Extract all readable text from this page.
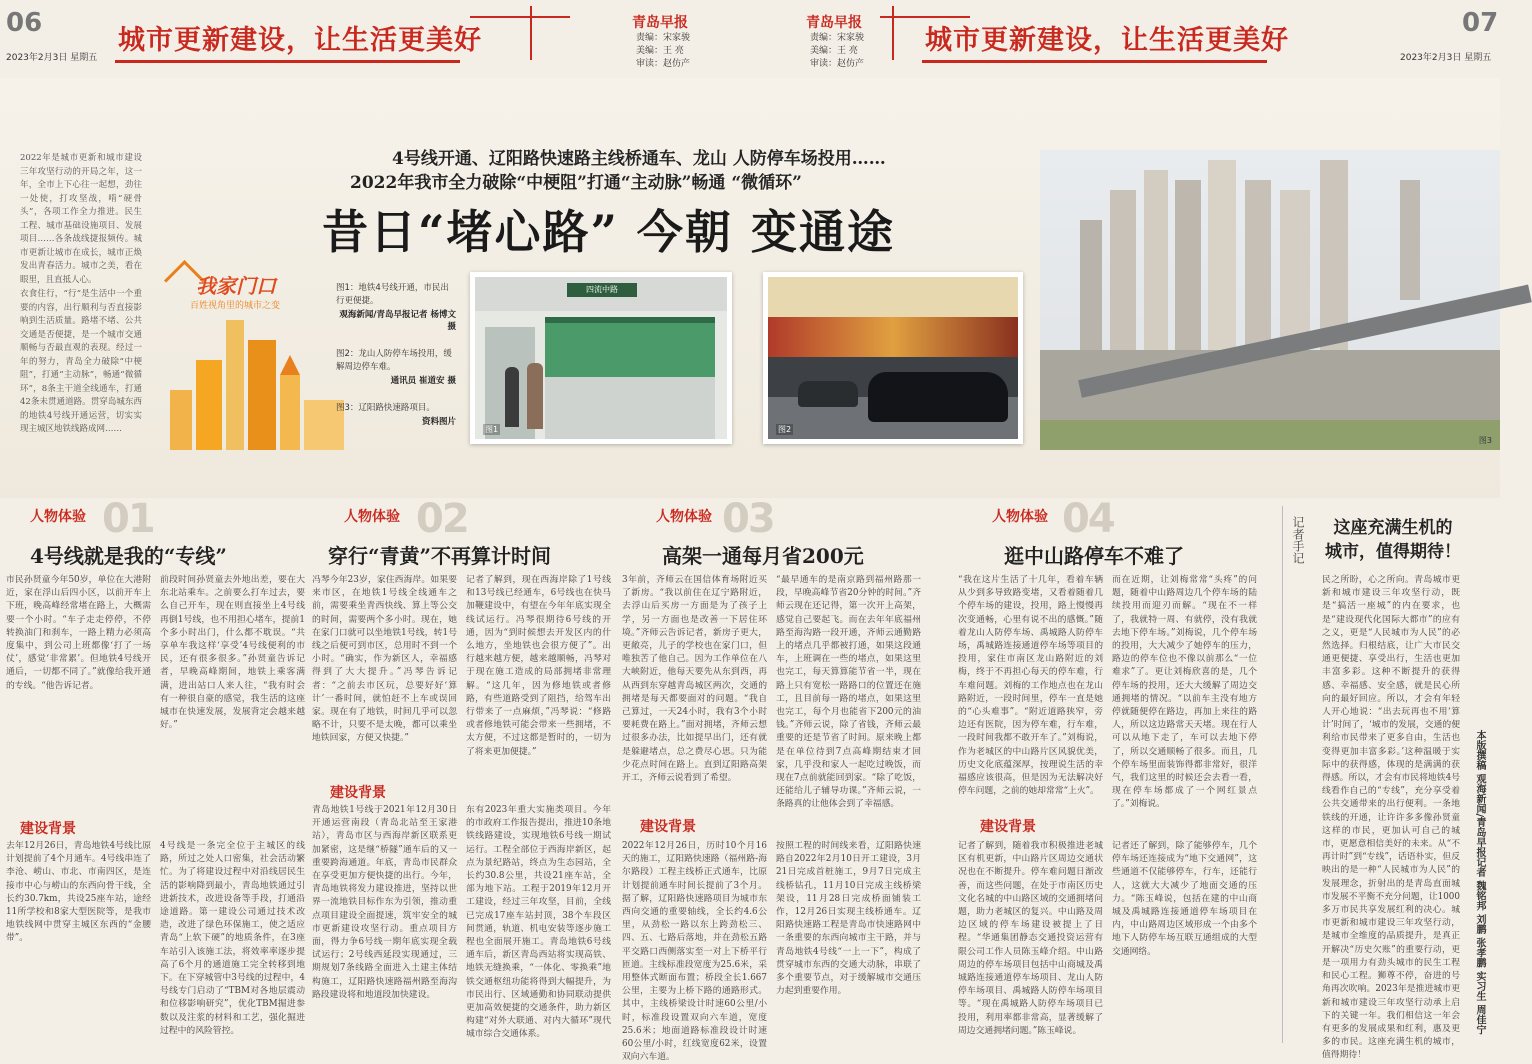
06
2023年2月3日 星期五
城市更新建设，让生活更美好
青岛早报
责编：宋家骏
美编：王 亮
审读：赵仿产
青岛早报
责编：宋家骏
美编：王 亮
审读：赵仿产
城市更新建设，让生活更美好
07
2023年2月3日 星期五
2022年是城市更新和城市建设三年攻坚行动的开局之年，这一年，全市上下心往一起想，劲往一处使，打攻坚战，啃“硬骨头”，各项工作全力推进。民生工程、城市基础设施项目、发展项目……各条战线捷报频传。城市更新让城市在成长，城市正焕发出青春活力。城市之美，看在眼里，且直抵人心。
衣食住行，“行”是生活中一个重要的内容，出行顺利与否直接影响到生活质量。路堵不堵、公共交通是否便捷，是一个城市交通顺畅与否最直观的表现。经过一年的努力，青岛全力破除“中梗阻”，打通“主动脉”，畅通“微循环”，8条主干道全线通车，打通42条未贯通道路。贯穿岛城东西的地铁4号线开通运营，切实实现主城区地铁线路成网……
我家门口
百姓视角里的城市之变
4号线开通、辽阳路快速路主线桥通车、龙山 人防停车场投用……
2022年我市全力破除“中梗阻”打通“主动脉”畅通 “微循环”
昔日“堵心路” 今朝 变通途
图1：地铁4号线开通，市民出行更便捷。
观海新闻/青岛早报记者 杨博文 摄
图2：龙山人防停车场投用，缓解周边停车难。
通讯员 崔道安 摄
图3：辽阳路快速路项目。
资料图片
四流中路
图1	图2
图3
人物体验 01
4号线就是我的“专线”
市民孙贤童今年50岁，单位在大港附近，家在浮山后四小区，以前开车上下班，晚高峰经常堵在路上，大概需要一个小时。“车子走走停停，不停转换油门和刹车，一路上精力必须高度集中，到公司上班都像‘打了一场仗’，感觉‘非常累’。但地铁4号线开通后，一切都不同了。”就像给我开通的专线。“他告诉记者。
前段时间孙贤童去外地出差，要在大东北站乘车。之前要么打车过去，要么自己开车，现在则直接坐上4号线再倒1号线，也不用担心堵车，提前1个多小时出门，什么都不耽误。“共享单车我这样‘享受’4号线便利的市民，还有很多很多。”孙贤童告诉记者，早晚高峰期间，地铁上乘客满满，进出站口人来人往，“我有时会有一种很自豪的感觉，我生活的这座城市在快速发展，发展背定会越来越好。”
建设背景
去年12月26日，青岛地铁4号线比原计划提前了4个月通车。4号线串连了李沧、崂山、市北、市南四区，是连接市中心与崂山的东西向骨干线，全长约30.7km，共设25座车站，途经11所学校和8家大型医院等，是我市地铁线网中贯穿主城区东西的“金腰带”。
4号线是一条完全位于主城区的线路，所过之处人口密集，社会活动繁忙。为了将建设过程中对沿线居民生活的影响降到最小，青岛地铁通过引进新技术，改进设备等手段，打通沿途道路。第一建设公司通过技术改造，改进了绿色环保施工，使之适应青岛“上软下硬”的地质条件，在3座车站引入该施工法，将效率率逐步提高了6个月的通道施工完全转移到地下。在下穿城管中3号线的过程中，4号线专门启动了“TBM对各地层震动和位移影响研究”，优化TBM掘进参数以及注浆的材料和工艺，强化掘进过程中的风险管控。
人物体验 02
穿行“青黄”不再算计时间
冯琴今年23岁，家住西海岸。如果要来市区，在地铁1号线全线通车之前，需要乘坐青西快线、算上等公交的时间，需要两个多小时。现在，她在家门口就可以坐地铁1号线，转1号线之后便可到市区，总用时不到一个小时。“确实，作为新区人，幸福感得到了大大提升。”冯琴告诉记者：“之前去市区玩，总要好好‘算计’一番时间，就怕赶不上车或误回家。现在有了地铁，时间几乎可以忽略不计，只要不是太晚，都可以乘坐地铁回家，方便又快捷。”
记者了解到，现在西海岸除了1号线和13号线已经通车，6号线也在快马加鞭建设中，有望在今年年底实现全线试运行。冯琴很期待6号线的开通，因为“到时候想去开发区内的什么地方，坐地铁也会很方便了”。出行越来越方便，越来越顺畅，冯琴对于现在施工造成的局部拥堵非常理解。“这几年，因为修地铁或者修路，有些道路受到了阻挡，给驾车出行带来了一点麻烦，”冯琴说：“修路或者修地铁可能会带来一些拥堵，不太方便，不过这都是暂时的，一切为了将来更加便捷。”
建设背景
青岛地铁1号线于2021年12月30日开通运营南段（青岛北站至王家港站），青岛市区与西海岸新区联系更加紧密，这是继“桥隧”通车后的又一重要跨海通道。年底，青岛市民群众在享受更加方便快捷的出行。今年，青岛地铁将发力建设推进，坚持以世界一流地铁目标作东为引领，推动重点项目建设全面提速，筑牢安全的城市更新建设攻坚行动。重点项目方面，得力争6号线一期年底实现全载试运行；2号线西延段实现通过，三期规划7条线路全面进入土建主体结构施工，辽阳路快速路福州路至海沟路段建设将和地道段加快建设。
东有2023年重大实施类项目。今年的市政府工作报告提出，推进10条地铁线路建设，实现地铁6号线一期试运行。工程全部位于西海岸新区，起点为景纪路站，终点为生态园站，全长约30.8公里，共设21座车站，全部为地下站。工程于2019年12月开工建设，经过三年攻坚，目前，全线已完成17座车站封顶，38个车段区间贯通，轨道、机电安装等逐步施工程也全面展开施工。青岛地铁6号线通车后，新区青岛西站将实现高铁、地铁无缝换乘，“一体化、零换乘”地铁交通枢纽功能将得到大幅提升，为市民出行、区域通勤和协同联动提供更加高效便捷的交通条件，助力新区构建“对外大联通、对内大循环”现代城市综合交通体系。
人物体验 03
高架一通每月省200元
3年前，齐师云在国信体育场附近买了新房。“我以前住在辽宁路附近，去浮山后买房一方面是为了孩子上学，另一方面也是改善一下居住环境。”齐师云告诉记者，新房子更大，更敞亮，儿子的学校也在家门口，但唯独苦了他自己。因为工作单位在八大峡附近，他每天要先从东到西，再从西到东穿越青岛城区两次，交通的拥堵是每天都要面对的问题。“我自己算过，一天24小时，我有3个小时要耗费在路上。”面对拥堵，齐师云想过很多办法，比如提早出门，还有就是躲避堵点，总之费尽心思。只为能少花点时间在路上。直到辽阳路高架开工，齐师云说看到了希望。
“最早通车的是南京路到福州路那一段，早晚高峰节省20分钟的时间。”齐师云现在还记得，第一次开上高架，感觉自己要起飞。而在去年年底福州路至海沟路一段开通，齐师云通勤路上的堵点几乎都被打通，如果这段通车，上班调在一些的堵点，如果这里也完工，每天算算能节省一半，现在路上只有宽松一路路口的位置还在施工，且目前每一路的堵点，如果这里也完工，每个月也能省下200元的油钱。”齐师云说，除了省钱，齐师云最重要的还是节省了时间。原来晚上都是在单位待到7点高峰期结束才回家，几乎没和家人一起吃过晚饭，而现在7点前就能回到家。“除了吃饭，还能给儿子辅导功课。”齐师云说，一条路真的让他体会到了幸福感。
建设背景
2022年12月26日，历时10个月16天的施工，辽阳路快速路（福州路-海尔路段）工程主线桥正式通车，比原计划提前通车时间长提前了3个月。据了解，辽阳路快速路项目为城市东西向交通的重要轴线，全长约4.6公里，从劲松一路以东上跨劲松三、四、五、七路后落地，并在劲松五路平交路口西侧落实至一对上下桥平行匝道。主线标准段宽度为25.6米，采用整体式断面布置；桥段全长1.667公里，主要为上桥下路的通路形式。其中，主线桥梁设计时速60公里/小时，标准段设置双向六车道，宽度25.6米；地面道路标准段设计时速60公里/小时，红线宽度62米，设置双向六车道。
按照工程的时间线来看，辽阳路快速路自2022年2月10日开工建设，3月21日完成首桩施工，9月7日完成主线桥钻孔，11月10日完成主线桥梁架设，11月28日完成桥面铺装工作，12月26日实现主线桥通车。辽阳路快速路工程是青岛市快速路网中一条重要的东西向城市主干路，并与青岛地铁4号线“一上一下”，构成了贯穿城市东西的交通大动脉，串联了多个重要节点，对于缓解城市交通压力起到重要作用。
人物体验 04
逛中山路停车不难了
“我在这片生活了十几年，看着车辆从少到多导致路变堵，又看着随着几个停车场的建设，投用，路上慢慢再次变通畅，心里有说不出的感慨。”随着龙山人防停车场、禹城路人防停车场，禹城路连接通道停车场等项目的投用，家住市南区龙山路附近的刘梅，终于不再担心每天的停车难，行车难问题。刘梅的工作地点也在龙山路附近，一段时间里，停车一直是她的“心头难事”。“附近道路狭窄，旁边还有医院，因为停车难，行车难，一段时间我都不敢开车了。”刘梅说，作为老城区的中山路片区风貌优美，历史文化底蕴深厚，按理说生活的幸福感应该很高，但是因为无法解决好停车问题，之前的她却常常“上火”。
而在近期，让刘梅常常“头疼”的问题，随着中山路周边几个停车场的陆续投用而迎刃而解。“现在不一样了，我就特一周、有就停，没有我就去地下停车场。”刘梅说，几个停车场的投用，大大减少了她停车的压力，路边的停车位也不像以前那么“一位难求”了。更让刘梅欣喜的是，几个停车场的投用，还大大缓解了周边交通拥堵的情况。“以前车主没有地方停就随便停在路边，再加上来往的路人，所以这边路常天天堵。现在行人可以从地下走了，车可以去地下停了，所以交通顺畅了很多。而且，几个停车场里面装饰得都非常好，很洋气，我们这里的时候还会去看一看，现在停车场都成了一个网红景点了。”刘梅说。
建设背景
记者了解到，随着我市积极推进老城区有机更新，中山路片区周边交通状况也在不断提升。停车难问题日渐改善，而这些问题，在处于市南区历史文化名城的中山路区域的交通拥堵问题，助力老城区的复兴。中山路及周边区域的停车场建设被提上了日程。“华通集团静态交通投资运营有限公司工作人员陈玉峰介绍。中山路周边的停车场项目包括中山商城及禹城路连接通道停车场项目、龙山人防停车场项目、禹城路人防停车场项目等。“现在禹城路人防停车场项目已投用，利用率都非常高，显著缓解了周边交通拥堵问题。”陈玉峰说。
记者还了解到，除了能够停车，几个停车场还连接成为“地下交通网”，这些通道不仅能够停车，行车，还能行人，这就大大减少了地面交通的压力。“陈玉峰说，包括在建的中山商城及禹城路连接通道停车场项目在内，中山路周边区域形成一个由多个地下人防停车场互联互通组成的大型交通网络。
记者手记	这座充满生机的
城市，值得期待！
民之所盼，心之所向。青岛城市更新和城市建设三年攻坚行动，既是“搞活一座城”的内在要求，也是“建设现代化国际大都市”的应有之义，更是“人民城市为人民”的必然选择。归根结底，让广大市民交通更便捷、享受出行，生活也更加丰富多彩。这种不断提升的获得感、幸福感、安全感，就是民心所向的最好回应。所以，才会有年轻人开心地说：“出去玩再也不用‘算计’时间了，‘城市的发展，交通的便利给市民带来了更多自由，生活也变得更加丰富多彩。’这种温暖于实际中的获得感，体现的是满满的获得感。所以，才会有市民将地铁4号线看作自己的“专线”，充分享受着公共交通带来的出行便利。一条地铁线的开通，让许许多多像孙贤童这样的市民，更加认可自己的城市，更愿意相信美好的未来。从“不再计时”到“专线”，话语朴实，但反映出的是一种“人民城市为人民”的发展理念，折射出的是青岛直面城市发展不平衡不充分问题，让1000多万市民共享发展红利的决心。城市更新和城市建设三年攻坚行动，是城市全维度的品质提升，是真正开解决“历史欠账”的重要行动，更是一项用力有劲头城市的民生工程和民心工程。狮尊不停，奋进的号角再次吹响。2023年是推进城市更新和城市建设三年攻坚行动承上启下的关键一年。我们相信这一年会有更多的发展成果和红利，惠及更多的市民。这座充满生机的城市，值得期待！
本版撰稿 观海新闻/青岛早报记者 魏铭邦 刘鹏 张孝鹏 实习生 周佳宁
